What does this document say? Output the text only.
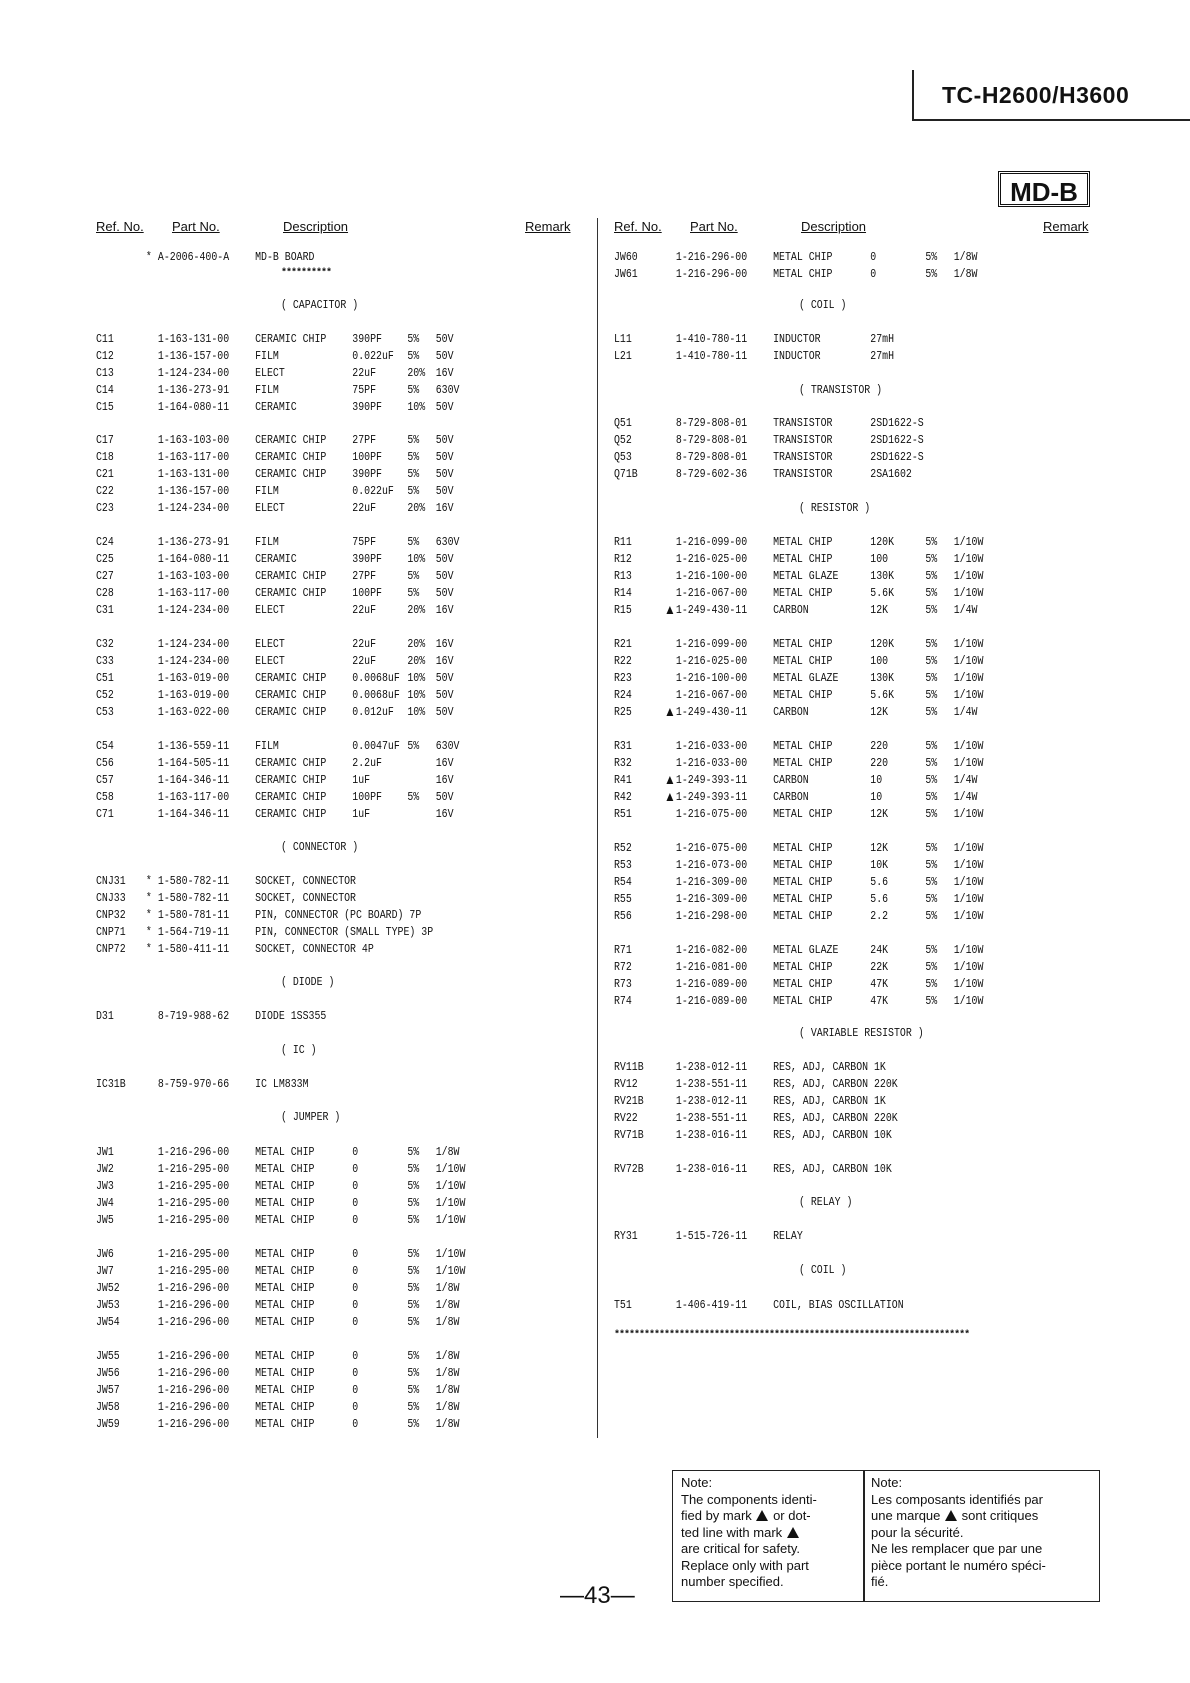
TC-H2600/H3600
MD-B
Ref. No. Part No.	Description	Remark	Ref. No. Part No.	Description	Remark
* A-2006-400-A MD-B BOARD
**********
( CAPACITOR )
C11	1-163-131-00 CERAMIC CHIP 390PF 5% 50V
C12	1-136-157-00 FILM	0.022uF 5% 50V
C13	1-124-234-00 ELECT	22uF	20% 16V
C14	1-136-273-91 FILM	75PF	5% 630V
C15	1-164-080-11 CERAMIC	390PF 10% 50V
C17	1-163-103-00 CERAMIC CHIP 27PF	5% 50V
C18	1-163-117-00 CERAMIC CHIP 100PF 5% 50V
C21	1-163-131-00 CERAMIC CHIP 390PF 5% 50V
C22	1-136-157-00 FILM	0.022uF 5% 50V
C23	1-124-234-00 ELECT	22uF	20% 16V
C24	1-136-273-91 FILM	75PF	5% 630V
C25	1-164-080-11 CERAMIC	390PF 10% 50V
C27	1-163-103-00 CERAMIC CHIP 27PF	5% 50V
C28	1-163-117-00 CERAMIC CHIP 100PF 5% 50V
C31	1-124-234-00 ELECT	22uF	20% 16V
C32	1-124-234-00 ELECT	22uF	20% 16V
C33	1-124-234-00 ELECT	22uF	20% 16V
C51	1-163-019-00 CERAMIC CHIP 0.0068uF 10% 50V
C52	1-163-019-00 CERAMIC CHIP 0.0068uF 10% 50V
C53	1-163-022-00 CERAMIC CHIP 0.012uF 10% 50V
C54	1-136-559-11 FILM	0.0047uF 5% 630V
C56	1-164-505-11 CERAMIC CHIP 2.2uF	16V
C57	1-164-346-11 CERAMIC CHIP 1uF	16V
C58	1-163-117-00 CERAMIC CHIP 100PF 5% 50V
C71	1-164-346-11 CERAMIC CHIP 1uF	16V
( CONNECTOR )
CNJ31 * 1-580-782-11 SOCKET, CONNECTOR
CNJ33 * 1-580-782-11 SOCKET, CONNECTOR
CNP32 * 1-580-781-11 PIN, CONNECTOR (PC BOARD) 7P
CNP71 * 1-564-719-11 PIN, CONNECTOR (SMALL TYPE) 3P
CNP72 * 1-580-411-11 SOCKET, CONNECTOR 4P
( DIODE )
D31	8-719-988-62 DIODE 1SS355
( IC )
IC31B	8-759-970-66 IC LM833M
( JUMPER )
JW1	1-216-296-00 METAL CHIP	0	5% 1/8W
JW2	1-216-295-00 METAL CHIP	0	5% 1/10W
JW3	1-216-295-00 METAL CHIP	0	5% 1/10W
JW4	1-216-295-00 METAL CHIP	0	5% 1/10W
JW5	1-216-295-00 METAL CHIP	0	5% 1/10W
JW6	1-216-295-00 METAL CHIP	0	5% 1/10W
JW7	1-216-295-00 METAL CHIP	0	5% 1/10W
JW52	1-216-296-00 METAL CHIP	0	5% 1/8W
JW53	1-216-296-00 METAL CHIP	0	5% 1/8W
JW54	1-216-296-00 METAL CHIP	0	5% 1/8W
JW55	1-216-296-00 METAL CHIP	0	5% 1/8W
JW56	1-216-296-00 METAL CHIP	0	5% 1/8W
JW57	1-216-296-00 METAL CHIP	0	5% 1/8W
JW58	1-216-296-00 METAL CHIP	0	5% 1/8W
JW59	1-216-296-00 METAL CHIP	0	5% 1/8W
JW60	1-216-296-00 METAL CHIP	0	5% 1/8W
JW61	1-216-296-00 METAL CHIP	0	5% 1/8W
( COIL )
L11	1-410-780-11 INDUCTOR	27mH
L21	1-410-780-11 INDUCTOR	27mH
( TRANSISTOR )
Q51	8-729-808-01 TRANSISTOR	2SD1622-S
Q52	8-729-808-01 TRANSISTOR	2SD1622-S
Q53	8-729-808-01 TRANSISTOR	2SD1622-S
Q71B	8-729-602-36 TRANSISTOR	2SA1602
( RESISTOR )
R11	1-216-099-00 METAL CHIP	120K	5% 1/10W
R12	1-216-025-00 METAL CHIP	100	5% 1/10W
R13	1-216-100-00 METAL GLAZE	130K	5% 1/10W
R14	1-216-067-00 METAL CHIP	5.6K	5% 1/10W
R15	1-249-430-11 CARBON	12K	5% 1/4W
R21	1-216-099-00 METAL CHIP	120K	5% 1/10W
R22	1-216-025-00 METAL CHIP	100	5% 1/10W
R23	1-216-100-00 METAL GLAZE	130K	5% 1/10W
R24	1-216-067-00 METAL CHIP	5.6K	5% 1/10W
R25	1-249-430-11 CARBON	12K	5% 1/4W
R31	1-216-033-00 METAL CHIP	220	5% 1/10W
R32	1-216-033-00 METAL CHIP	220	5% 1/10W
R41	1-249-393-11 CARBON	10	5% 1/4W
R42	1-249-393-11 CARBON	10	5% 1/4W
R51	1-216-075-00 METAL CHIP	12K	5% 1/10W
R52	1-216-075-00 METAL CHIP	12K	5% 1/10W
R53	1-216-073-00 METAL CHIP	10K	5% 1/10W
R54	1-216-309-00 METAL CHIP	5.6	5% 1/10W
R55	1-216-309-00 METAL CHIP	5.6	5% 1/10W
R56	1-216-298-00 METAL CHIP	2.2	5% 1/10W
R71	1-216-082-00 METAL GLAZE	24K	5% 1/10W
R72	1-216-081-00 METAL CHIP	22K	5% 1/10W
R73	1-216-089-00 METAL CHIP	47K	5% 1/10W
R74	1-216-089-00 METAL CHIP	47K	5% 1/10W
( VARIABLE RESISTOR )
RV11B	1-238-012-11 RES, ADJ, CARBON 1K
RV12	1-238-551-11 RES, ADJ, CARBON 220K
RV21B	1-238-012-11 RES, ADJ, CARBON 1K
RV22	1-238-551-11 RES, ADJ, CARBON 220K
RV71B	1-238-016-11 RES, ADJ, CARBON 10K
RV72B	1-238-016-11 RES, ADJ, CARBON 10K
( RELAY )
RY31	1-515-726-11 RELAY
( COIL )
T51	1-406-419-11 COIL, BIAS OSCILLATION
***********************************************************************
Note:
The components identi-
fied by mark or dot-
ted line with mark
are critical for safety.
Replace only with part
number specified.
Note:
Les composants identifiés par
une marque sont critiques
pour la sécurité.
Ne les remplacer que par une
pièce portant le numéro spéci-
fié.
—43—
